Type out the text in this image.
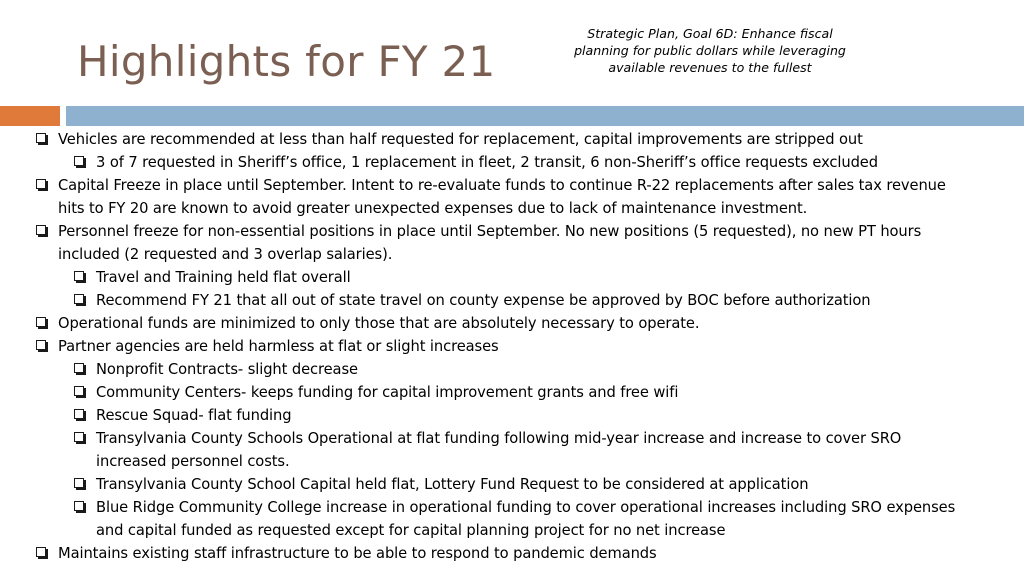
Highlights for FY 21
Strategic Plan, Goal 6D: Enhance fiscal planning for public dollars while leveraging available revenues to the fullest
Vehicles are recommended at less than half requested for replacement, capital improvements are stripped out
3 of 7 requested in Sheriff’s office, 1 replacement in fleet, 2 transit, 6 non-Sheriff’s office requests excluded
Capital Freeze in place until September. Intent to re-evaluate funds to continue R-22 replacements after sales tax revenue hits to FY 20 are known to avoid greater unexpected expenses due to lack of maintenance investment.
Personnel freeze for non-essential positions in place until September. No new positions (5 requested), no new PT hours included (2 requested and 3 overlap salaries).
Travel and Training held flat overall
Recommend FY 21 that all out of state travel on county expense be approved by BOC before authorization
Operational funds are minimized to only those that are absolutely necessary to operate.
Partner agencies are held harmless at flat or slight increases
Nonprofit Contracts- slight decrease
Community Centers- keeps funding for capital improvement grants and free wifi
Rescue Squad- flat funding
Transylvania County Schools Operational at flat funding following mid-year increase and increase to cover SRO increased personnel costs.
Transylvania County School Capital held flat, Lottery Fund Request to be considered at application
Blue Ridge Community College increase in operational funding to cover operational increases including SRO expenses and capital funded as requested except for capital planning project for no net increase
Maintains existing staff infrastructure to be able to respond to pandemic demands
